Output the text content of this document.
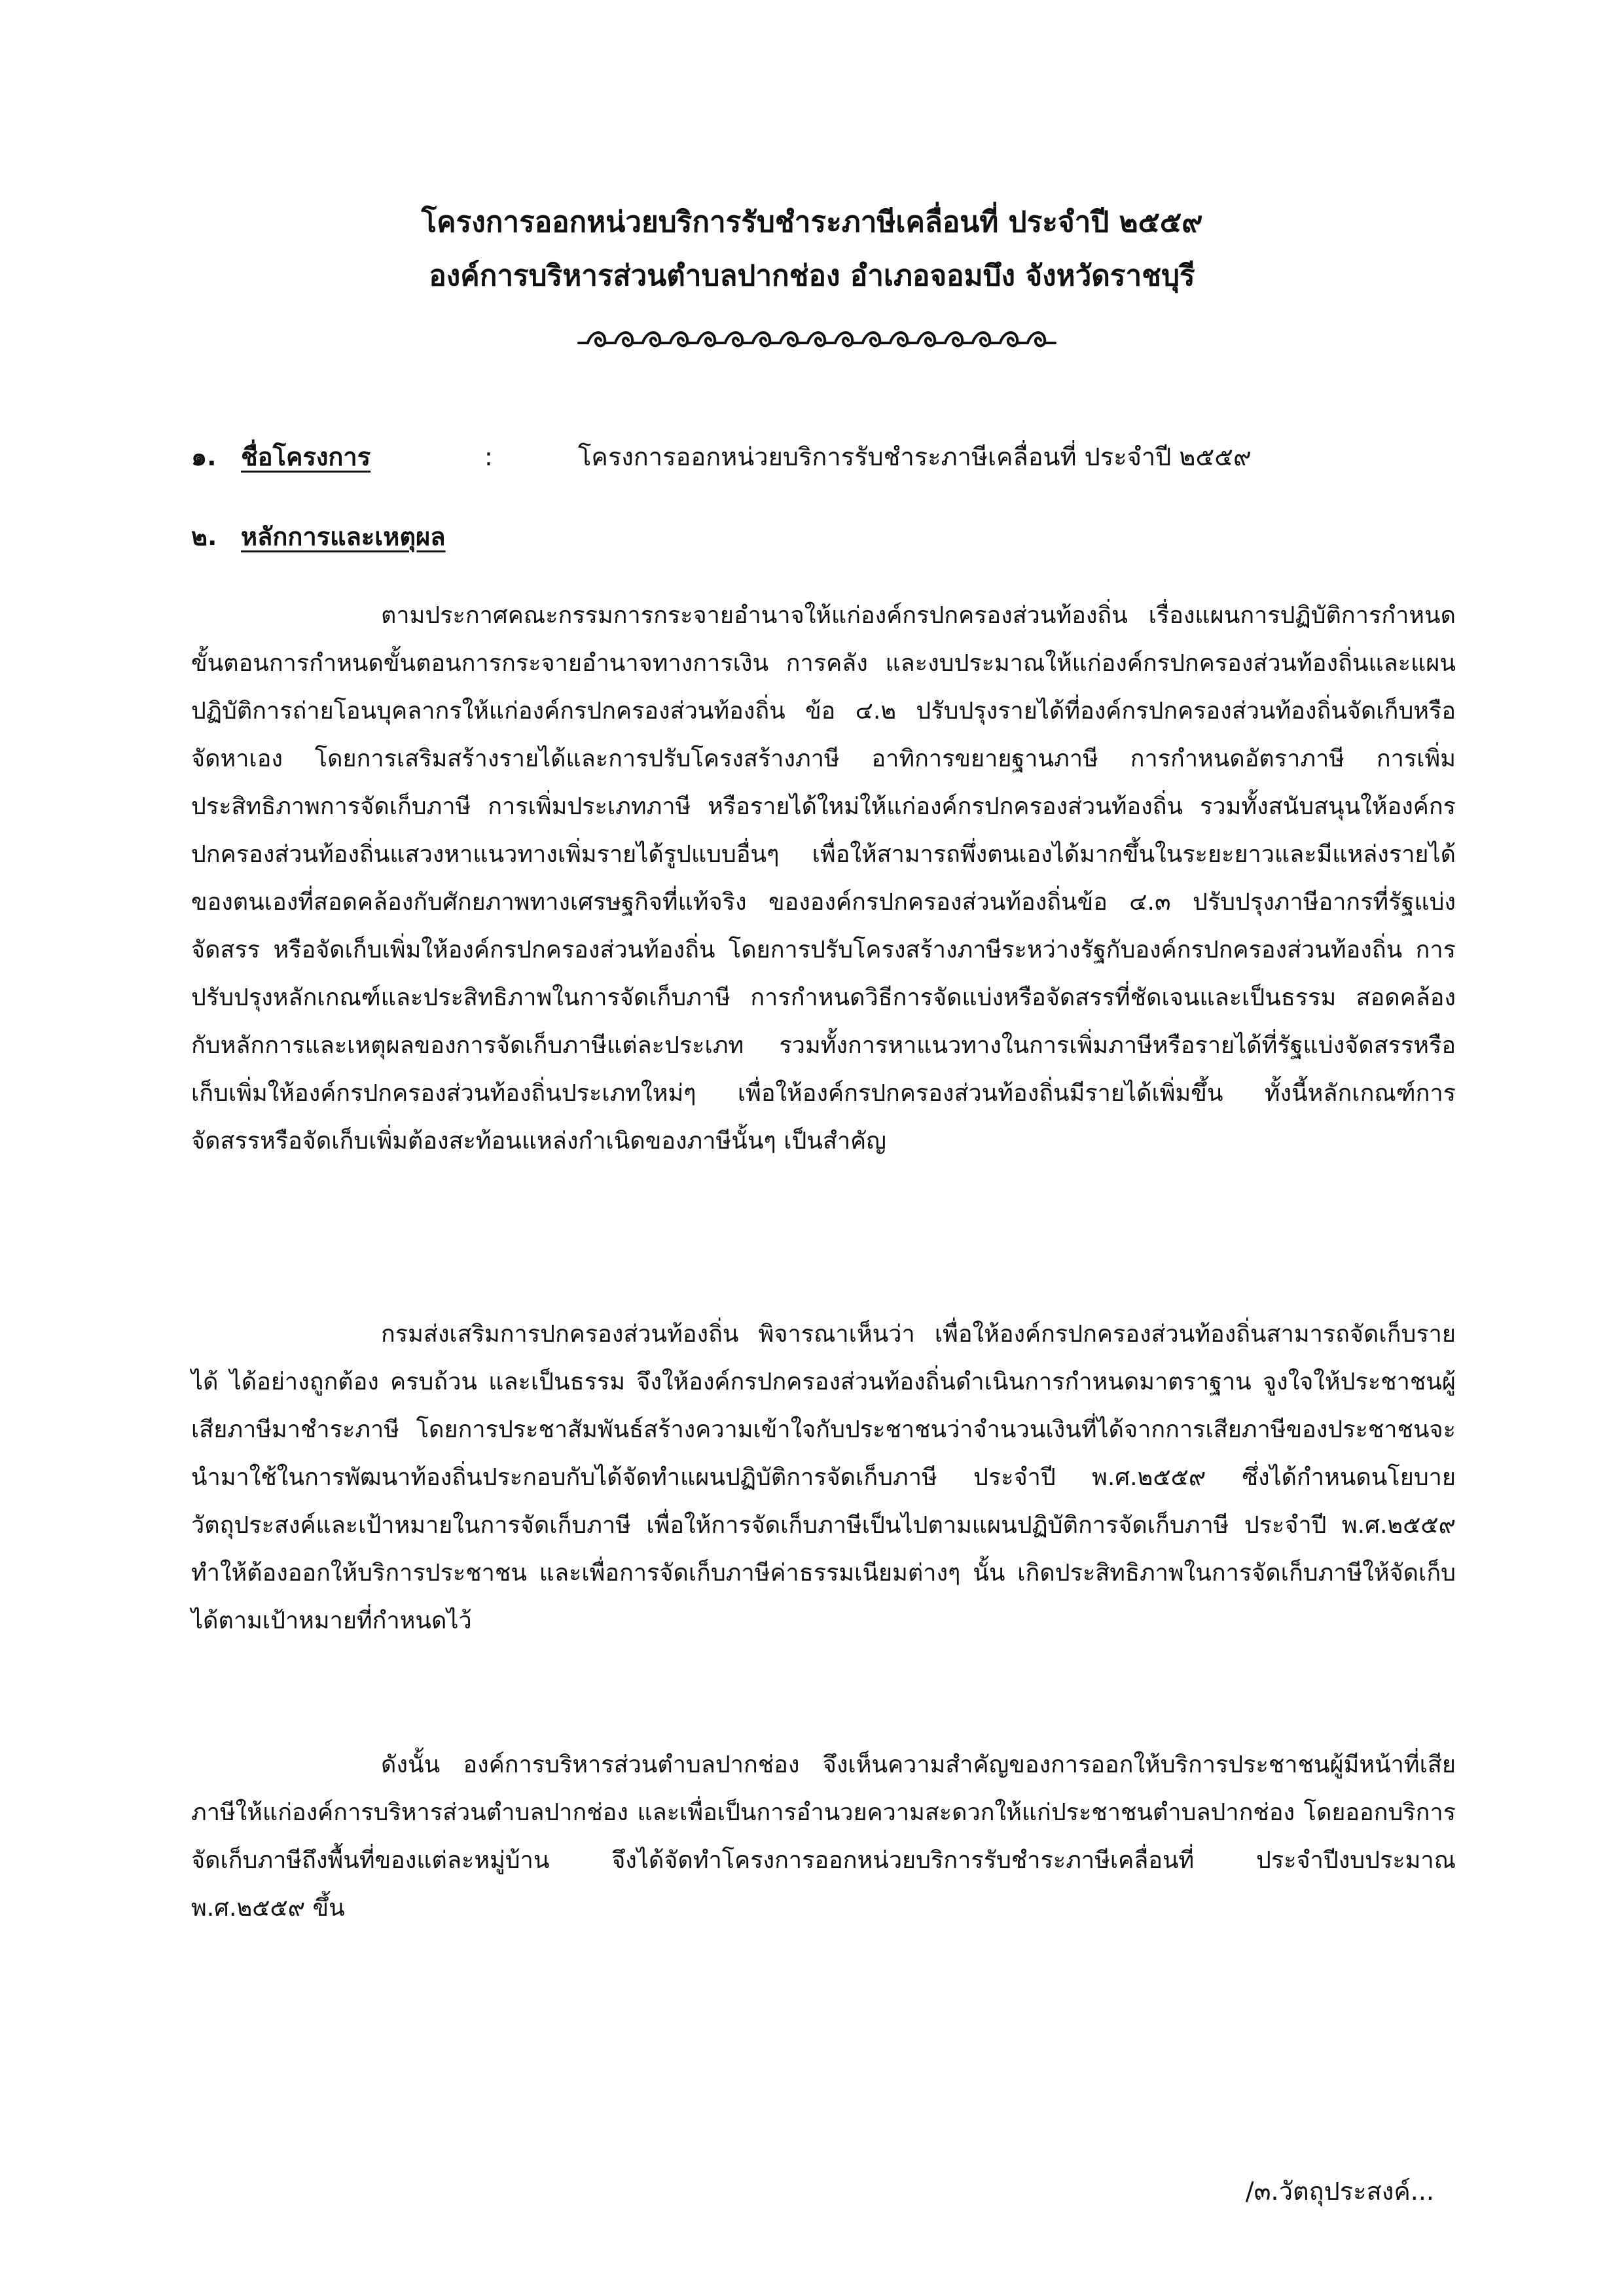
โครงการออกหน่วยบริการรับชำระภาษีเคลื่อนที่ ประจำปี ๒๕๕๙
องค์การบริหารส่วนตำบลปากช่อง อำเภอจอมบึง จังหวัดราชบุรี
๑. ชื่อโครงการ	:	โครงการออกหน่วยบริการรับชำระภาษีเคลื่อนที่ ประจำปี ๒๕๕๙
๒. หลักการและเหตุผล

ตามประกาศคณะกรรมการกระจายอำนาจให้แก่องค์กรปกครองส่วนท้องถิ่น เรื่องแผนการปฏิบัติการกำหนดขั้นตอนการกำหนดขั้นตอนการกระจายอำนาจทางการเงิน การคลัง และงบประมาณให้แก่องค์กรปกครองส่วนท้องถิ่นและแผนปฏิบัติการถ่ายโอนบุคลากรให้แก่องค์กรปกครองส่วนท้องถิ่น ข้อ ๔.๒ ปรับปรุงรายได้ที่องค์กรปกครองส่วนท้องถิ่นจัดเก็บหรือจัดหาเอง โดยการเสริมสร้างรายได้และการปรับโครงสร้างภาษี อาทิการขยายฐานภาษี การกำหนดอัตราภาษี การเพิ่มประสิทธิภาพการจัดเก็บภาษี การเพิ่มประเภทภาษี หรือรายได้ใหม่ให้แก่องค์กรปกครองส่วนท้องถิ่น รวมทั้งสนับสนุนให้องค์กรปกครองส่วนท้องถิ่นแสวงหาแนวทางเพิ่มรายได้รูปแบบอื่นๆ เพื่อให้สามารถพึ่งตนเองได้มากขึ้นในระยะยาวและมีแหล่งรายได้ของตนเองที่สอดคล้องกับศักยภาพทางเศรษฐกิจที่แท้จริง ขององค์กรปกครองส่วนท้องถิ่นข้อ ๔.๓ ปรับปรุงภาษีอากรที่รัฐแบ่ง จัดสรร หรือจัดเก็บเพิ่มให้องค์กรปกครองส่วนท้องถิ่น โดยการปรับโครงสร้างภาษีระหว่างรัฐกับองค์กรปกครองส่วนท้องถิ่น การปรับปรุงหลักเกณฑ์และประสิทธิภาพในการจัดเก็บภาษี การกำหนดวิธีการจัดแบ่งหรือจัดสรรที่ชัดเจนและเป็นธรรม สอดคล้องกับหลักการและเหตุผลของการจัดเก็บภาษีแต่ละประเภท รวมทั้งการหาแนวทางในการเพิ่มภาษีหรือรายได้ที่รัฐแบ่งจัดสรรหรือเก็บเพิ่มให้องค์กรปกครองส่วนท้องถิ่นประเภทใหม่ๆ เพื่อให้องค์กรปกครองส่วนท้องถิ่นมีรายได้เพิ่มขึ้น ทั้งนี้หลักเกณฑ์การจัดสรรหรือจัดเก็บเพิ่มต้องสะท้อนแหล่งกำเนิดของภาษีนั้นๆ เป็นสำคัญ

กรมส่งเสริมการปกครองส่วนท้องถิ่น พิจารณาเห็นว่า เพื่อให้องค์กรปกครองส่วนท้องถิ่นสามารถจัดเก็บรายได้ ได้อย่างถูกต้อง ครบถ้วน และเป็นธรรม จึงให้องค์กรปกครองส่วนท้องถิ่นดำเนินการกำหนดมาตราฐาน จูงใจให้ประชาชนผู้เสียภาษีมาชำระภาษี โดยการประชาสัมพันธ์สร้างความเข้าใจกับประชาชนว่าจำนวนเงินที่ได้จากการเสียภาษีของประชาชนจะนำมาใช้ในการพัฒนาท้องถิ่นประกอบกับได้จัดทำแผนปฏิบัติการจัดเก็บภาษี ประจำปี พ.ศ.๒๕๕๙ ซึ่งได้กำหนดนโยบาย วัตถุประสงค์และเป้าหมายในการจัดเก็บภาษี เพื่อให้การจัดเก็บภาษีเป็นไปตามแผนปฏิบัติการจัดเก็บภาษี ประจำปี พ.ศ.๒๕๕๙ ทำให้ต้องออกให้บริการประชาชน และเพื่อการจัดเก็บภาษีค่าธรรมเนียมต่างๆ นั้น เกิดประสิทธิภาพในการจัดเก็บภาษีให้จัดเก็บได้ตามเป้าหมายที่กำหนดไว้

ดังนั้น องค์การบริหารส่วนตำบลปากช่อง จึงเห็นความสำคัญของการออกให้บริการประชาชนผู้มีหน้าที่เสียภาษีให้แก่องค์การบริหารส่วนตำบลปากช่อง และเพื่อเป็นการอำนวยความสะดวกให้แก่ประชาชนตำบลปากช่อง โดยออกบริการจัดเก็บภาษีถึงพื้นที่ของแต่ละหมู่บ้าน จึงได้จัดทำโครงการออกหน่วยบริการรับชำระภาษีเคลื่อนที่ ประจำปีงบประมาณ พ.ศ.๒๕๕๙ ขึ้น

/๓.วัตถุประสงค์...
